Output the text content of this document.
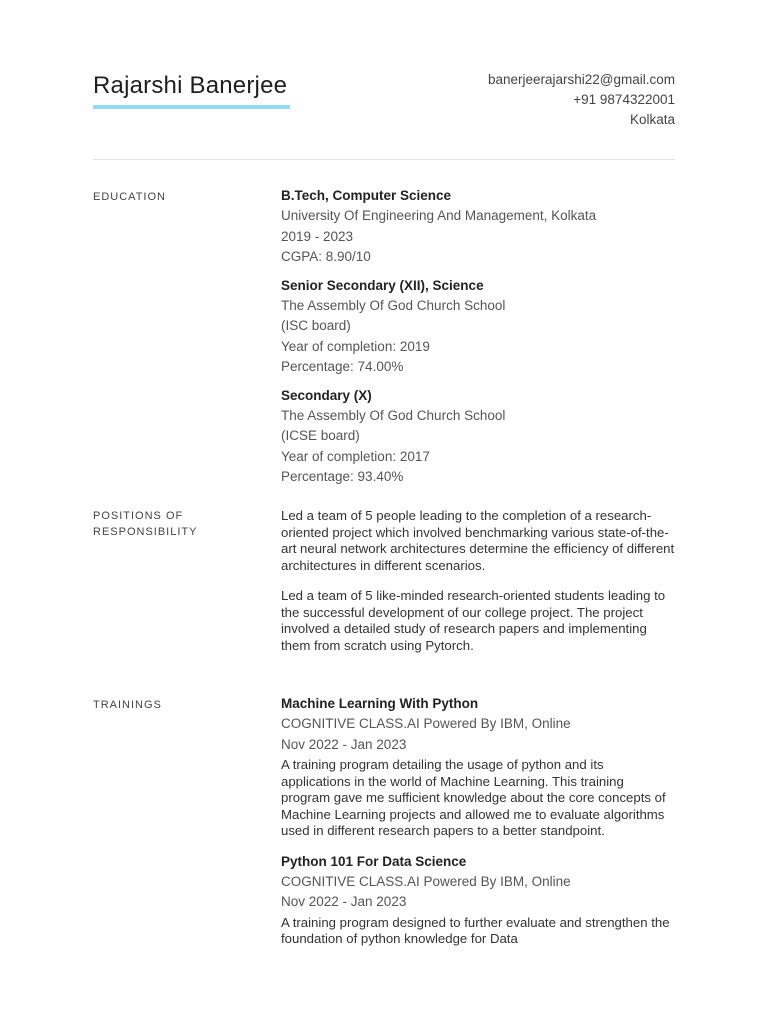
Rajarshi Banerjee	banerjeerajarshi22@gmail.com
+91 9874322001
Kolkata
EDUCATION	B.Tech, Computer Science
University Of Engineering And Management, Kolkata
2019 - 2023
CGPA: 8.90/10
Senior Secondary (XII), Science
The Assembly Of God Church School
(ISC board)
Year of completion: 2019
Percentage: 74.00%
Secondary (X)
The Assembly Of God Church School
(ICSE board)
Year of completion: 2017
Percentage: 93.40%
POSITIONS OF
RESPONSIBILITY

Led a team of 5 people leading to the completion of a research-oriented project which involved benchmarking various state-of-the-art neural network architectures determine the efficiency of different architectures in different scenarios.

Led a team of 5 like-minded research-oriented students leading to the successful development of our college project. The project involved a detailed study of research papers and implementing them from scratch using Pytorch.

TRAININGS	Machine Learning With Python
COGNITIVE CLASS.AI Powered By IBM, Online
Nov 2022 - Jan 2023

A training program detailing the usage of python and its applications in the world of Machine Learning. This training program gave me sufficient knowledge about the core concepts of Machine Learning projects and allowed me to evaluate algorithms used in different research papers to a better standpoint.

Python 101 For Data Science
COGNITIVE CLASS.AI Powered By IBM, Online
Nov 2022 - Jan 2023

A training program designed to further evaluate and strengthen the foundation of python knowledge for Data
